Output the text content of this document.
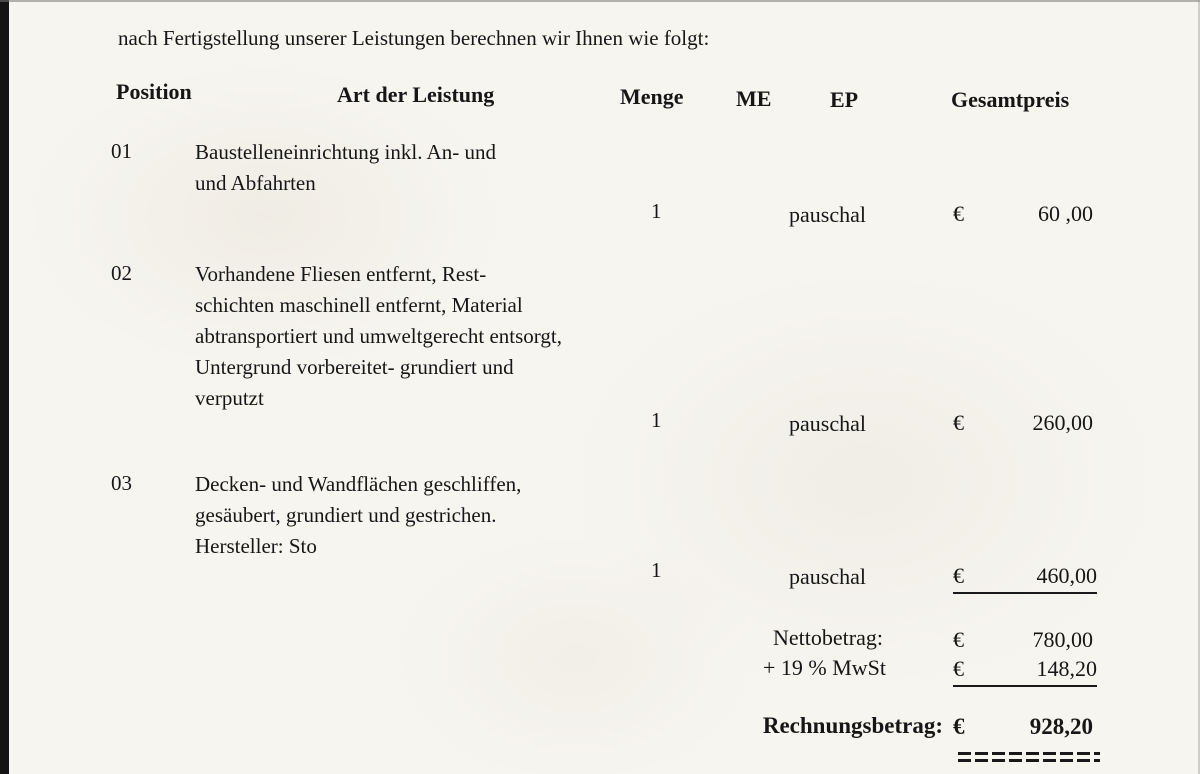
nach Fertigstellung unserer Leistungen berechnen wir Ihnen wie folgt:
Position	Art der Leistung	Menge ME	EP	Gesamtpreis
01	Baustelleneinrichtung inkl. An- und
und Abfahrten
1	pauschal	€	60 ,00
02	Vorhandene Fliesen entfernt, Rest-
schichten maschinell entfernt, Material
abtransportiert und umweltgerecht entsorgt,
Untergrund vorbereitet- grundiert und
verputzt
1	pauschal	€	260,00
03	Decken- und Wandflächen geschliffen,
gesäubert, grundiert und gestrichen.
Hersteller: Sto
1	pauschal	€	460,00
Nettobetrag:	€	780,00
+ 19 % MwSt	€	148,20
Rechnungsbetrag: €	928,20
